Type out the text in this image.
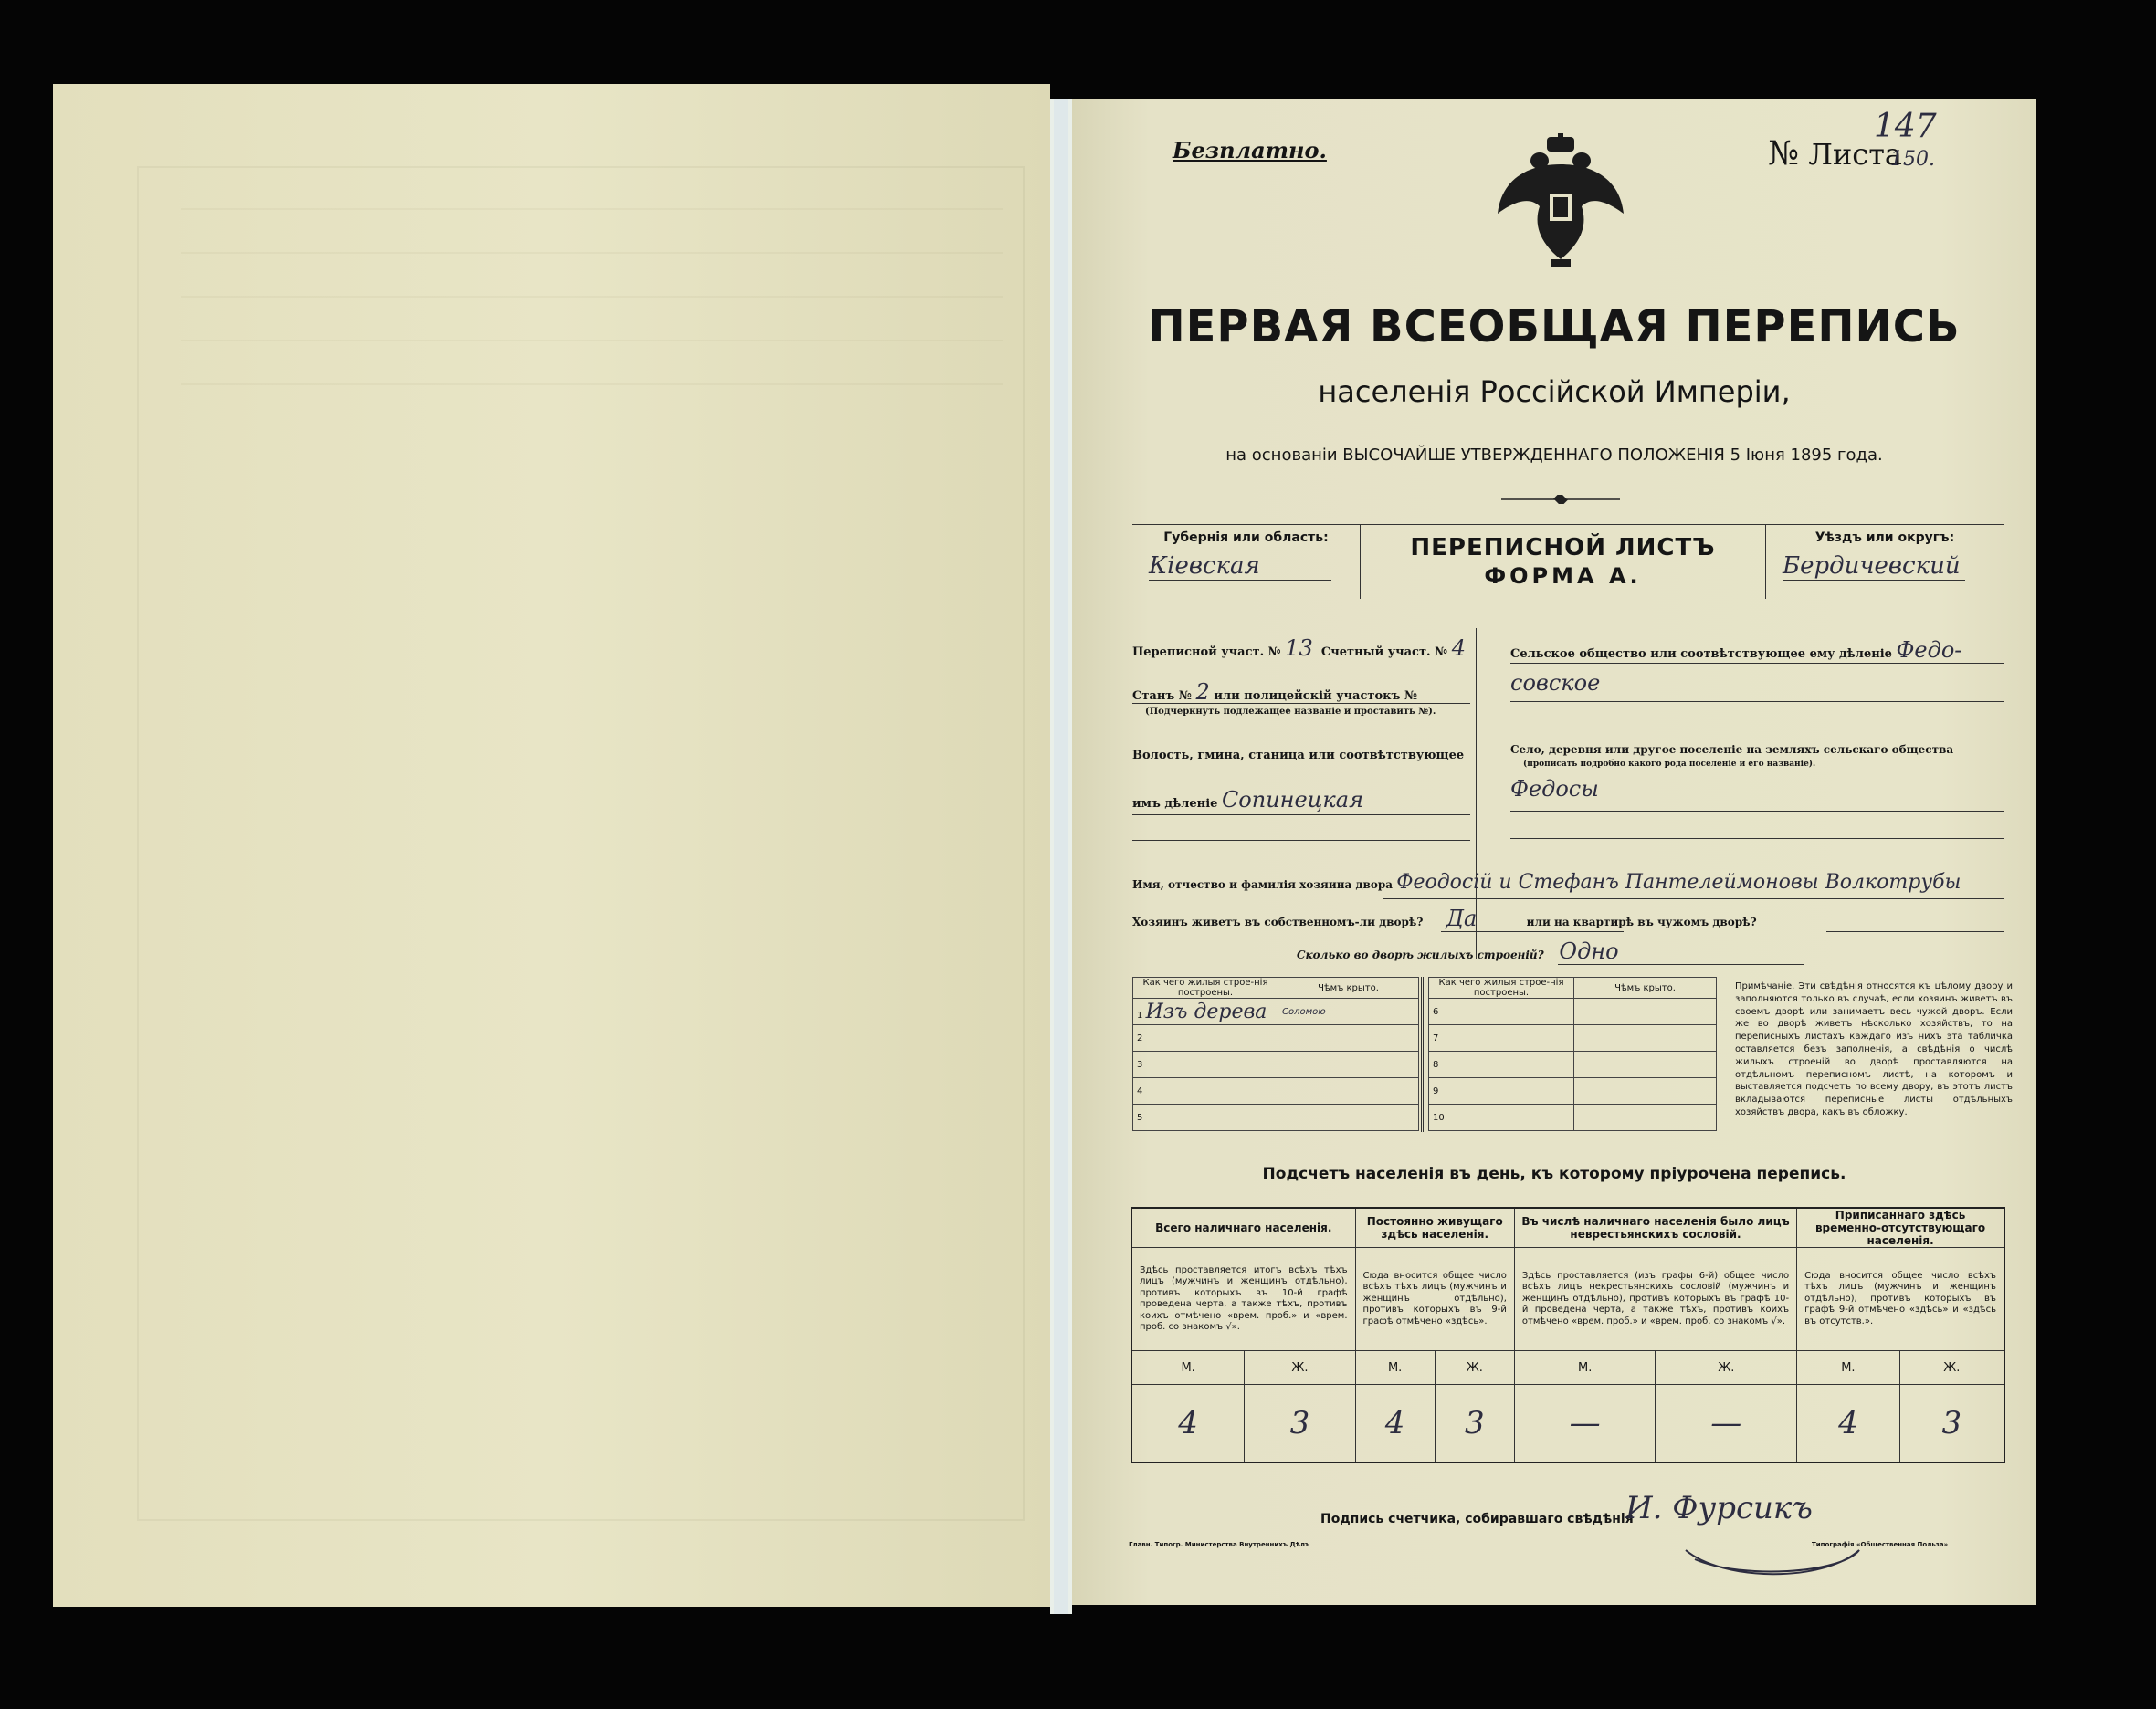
Безплатно.	№ Листа
147
150.
ПЕРВАЯ ВСЕОБЩАЯ ПЕРЕПИСЬ
населенія Россійской Имперіи,
на основаніи ВЫСОЧАЙШЕ УТВЕРЖДЕННАГО ПОЛОЖЕНІЯ 5 Іюня 1895 года.
Губернія или область:
Кіевская
ПЕРЕПИСНОЙ ЛИСТЪ
ФОРМА А.
Уѣздъ или округъ:
Бердичевский
Переписной участ. № 13 Счетный участ. № 4
Станъ № 2 или полицейскій участокъ №
(Подчеркнуть подлежащее названіе и проставить №).
Волость, гмина, станица или соотвѣтствующее
имъ дѣленіе Сопинецкая
Сельское общество или соотвѣтствующее ему дѣленіе Федо-
совское
Село, деревня или другое поселеніе на земляхъ сельскаго общества
(прописать подробно какого рода поселеніе и его названіе).
Федосы
Имя, отчество и фамилія хозяина двора Феодосій и Стефанъ Пантелеймоновы Волкотрубы
Хозяинъ живетъ въ собственномъ-ли дворѣ? Да	или на квартирѣ въ чужомъ дворѣ?
Сколько во дворѣ жилыхъ строеній? Одно
Как чего жилыя строе-нія построены.	Чѣмъ крыто.
1 Изъ дерева	Соломою
2	
3	
4	
5	
Как чего жилыя строе-нія построены.	Чѣмъ крыто.
6	
7	
8	
9	
10	
Примѣчаніе. Эти свѣдѣнія относятся къ цѣлому двору и заполняются только въ случаѣ, если хозяинъ живетъ въ своемъ дворѣ или занимаетъ весь чужой дворъ. Если же во дворѣ живетъ нѣсколько хозяйствъ, то на переписныхъ листахъ каждаго изъ нихъ эта табличка оставляется безъ заполненія, а свѣдѣнія о числѣ жилыхъ строеній во дворѣ проставляются на отдѣльномъ переписномъ листѣ, на которомъ и выставляется подсчетъ по всему двору, въ этотъ листъ вкладываются переписные листы отдѣльныхъ хозяйствъ двора, какъ въ обложку.
Подсчетъ населенія въ день, къ которому пріурочена перепись.
Всего наличнаго населенія.		Постоянно живущаго здѣсь населенія.		Въ числѣ наличнаго населенія было лицъ неврестьянскихъ сословій.		Приписаннаго здѣсь временно-отсутствующаго населенія.	
Здѣсь проставляется итогъ всѣхъ тѣхъ лицъ (мужчинъ и женщинъ отдѣльно), противъ которыхъ въ 10-й графѣ проведена черта, а также тѣхъ, противъ коихъ отмѣчено «врем. проб.» и «врем. проб. со знакомъ √».		Сюда вносится общее число всѣхъ тѣхъ лицъ (мужчинъ и женщинъ отдѣльно), противъ которыхъ въ 9-й графѣ отмѣчено «здѣсь».		Здѣсь проставляется (изъ графы 6-й) общее число всѣхъ лицъ некрестьянскихъ сословій (мужчинъ и женщинъ отдѣльно), противъ которыхъ въ графѣ 10-й проведена черта, а также тѣхъ, противъ коихъ отмѣчено «врем. проб.» и «врем. проб. со знакомъ √».		Сюда вносится общее число всѣхъ тѣхъ лицъ (мужчинъ и женщинъ отдѣльно), противъ которыхъ въ графѣ 9-й отмѣчено «здѣсь» и «здѣсь въ отсутств.».	
М.	Ж.	М.	Ж.	М.	Ж.	М.	Ж.
4	3	4	3	—	—	4	3
Подпись счетчика, собиравшаго свѣдѣнія
И. Фурсикъ
Главн. Типогр. Министерства Внутреннихъ Дѣлъ	Типографія «Общественная Польза»
